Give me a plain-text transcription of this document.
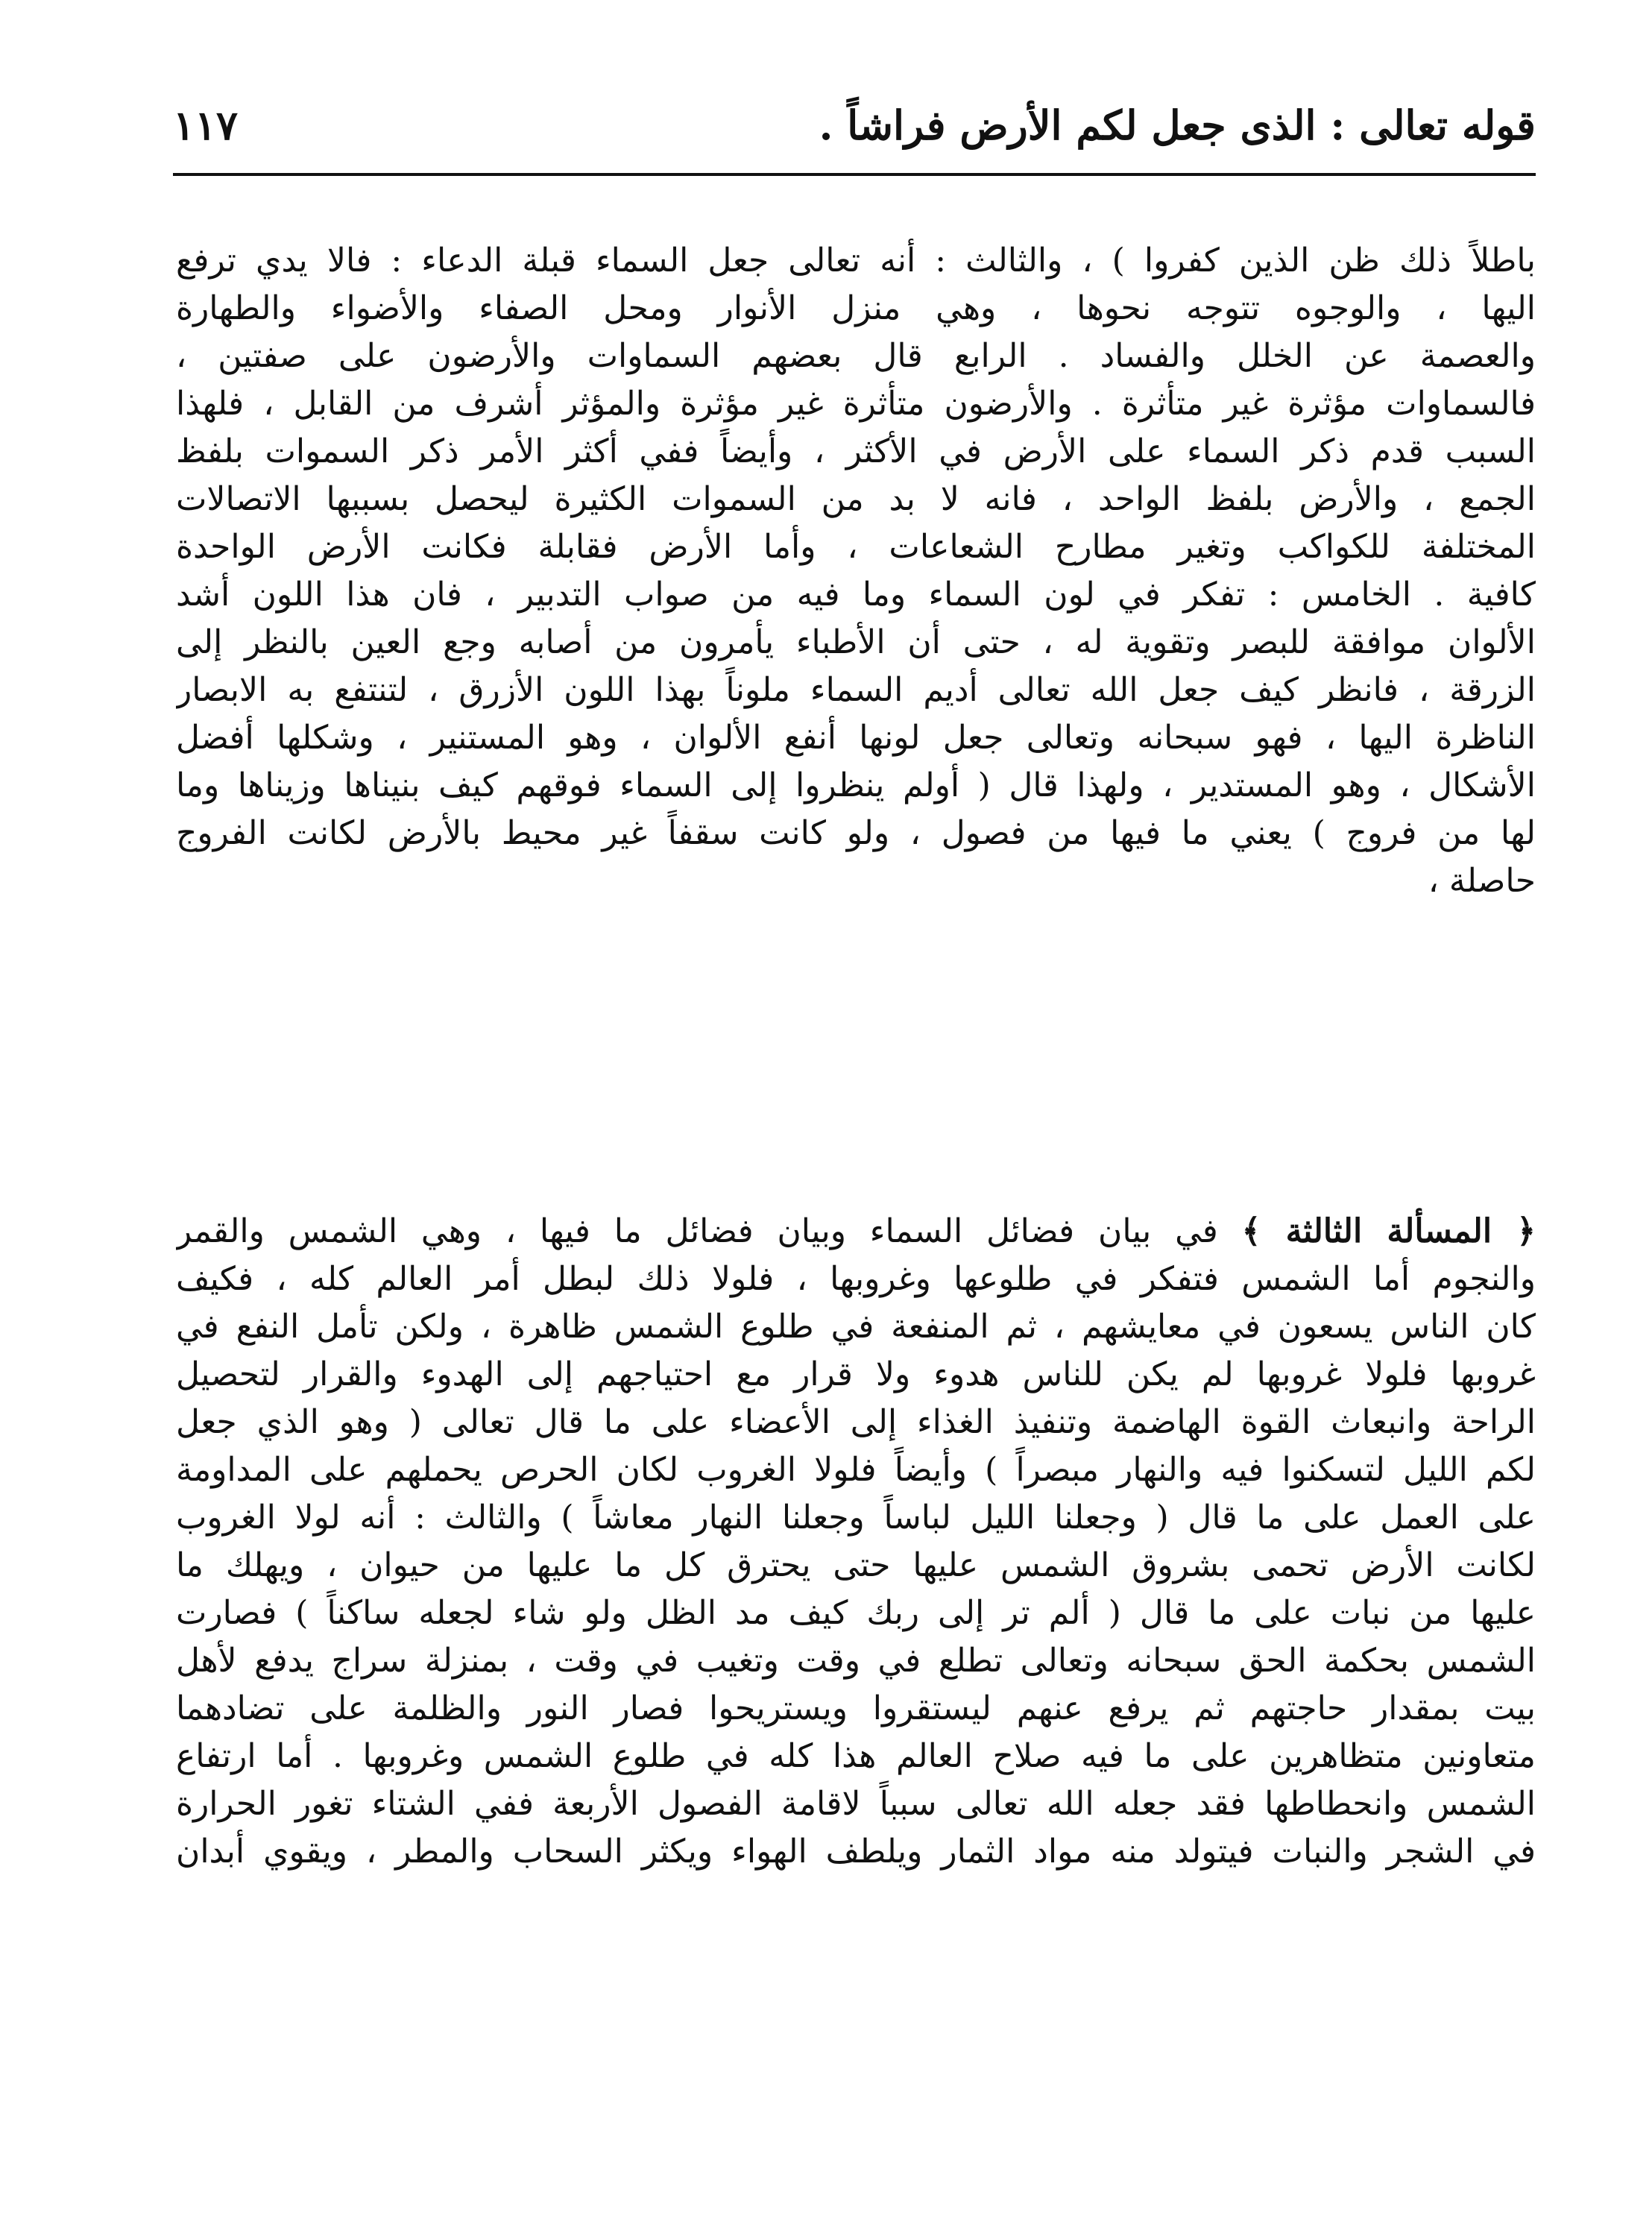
قوله تعالى : الذى جعل لكم الأرض فراشاً .
١١٧
باطلاً ذلك ظن الذين كفروا ) ، والثالث : أنه تعالى جعل السماء قبلة الدعاء : فالا يدي ترفع
اليها ، والوجوه تتوجه نحوها ، وهي منزل الأنوار ومحل الصفاء والأضواء والطهارة
والعصمة عن الخلل والفساد . الرابع قال بعضهم السماوات والأرضون على صفتين ،
فالسماوات مؤثرة غير متأثرة . والأرضون متأثرة غير مؤثرة والمؤثر أشرف من القابل ، فلهذا
السبب قدم ذكر السماء على الأرض في الأكثر ، وأيضاً ففي أكثر الأمر ذكر السموات بلفظ
الجمع ، والأرض بلفظ الواحد ، فانه لا بد من السموات الكثيرة ليحصل بسببها الاتصالات
المختلفة للكواكب وتغير مطارح الشعاعات ، وأما الأرض فقابلة فكانت الأرض الواحدة
كافية . الخامس : تفكر في لون السماء وما فيه من صواب التدبير ، فان هذا اللون أشد
الألوان موافقة للبصر وتقوية له ، حتى أن الأطباء يأمرون من أصابه وجع العين بالنظر إلى
الزرقة ، فانظر كيف جعل الله تعالى أديم السماء ملوناً بهذا اللون الأزرق ، لتنتفع به الابصار
الناظرة اليها ، فهو سبحانه وتعالى جعل لونها أنفع الألوان ، وهو المستنير ، وشكلها أفضل
الأشكال ، وهو المستدير ، ولهذا قال ( أولم ينظروا إلى السماء فوقهم كيف بنيناها وزيناها وما
لها من فروج ) يعني ما فيها من فصول ، ولو كانت سقفاً غير محيط بالأرض لكانت الفروج
حاصلة ،
﴿ المسألة الثالثة ﴾ في بيان فضائل السماء وبيان فضائل ما فيها ، وهي الشمس والقمر
والنجوم أما الشمس فتفكر في طلوعها وغروبها ، فلولا ذلك لبطل أمر العالم كله ، فكيف
كان الناس يسعون في معايشهم ، ثم المنفعة في طلوع الشمس ظاهرة ، ولكن تأمل النفع في
غروبها فلولا غروبها لم يكن للناس هدوء ولا قرار مع احتياجهم إلى الهدوء والقرار لتحصيل
الراحة وانبعاث القوة الهاضمة وتنفيذ الغذاء إلى الأعضاء على ما قال تعالى ( وهو الذي جعل
لكم الليل لتسكنوا فيه والنهار مبصراً ) وأيضاً فلولا الغروب لكان الحرص يحملهم على المداومة
على العمل على ما قال ( وجعلنا الليل لباساً وجعلنا النهار معاشاً ) والثالث : أنه لولا الغروب
لكانت الأرض تحمى بشروق الشمس عليها حتى يحترق كل ما عليها من حيوان ، ويهلك ما
عليها من نبات على ما قال ( ألم تر إلى ربك كيف مد الظل ولو شاء لجعله ساكناً ) فصارت
الشمس بحكمة الحق سبحانه وتعالى تطلع في وقت وتغيب في وقت ، بمنزلة سراج يدفع لأهل
بيت بمقدار حاجتهم ثم يرفع عنهم ليستقروا ويستريحوا فصار النور والظلمة على تضادهما
متعاونين متظاهرين على ما فيه صلاح العالم هذا كله في طلوع الشمس وغروبها . أما ارتفاع
الشمس وانحطاطها فقد جعله الله تعالى سبباً لاقامة الفصول الأربعة ففي الشتاء تغور الحرارة
في الشجر والنبات فيتولد منه مواد الثمار ويلطف الهواء ويكثر السحاب والمطر ، ويقوي أبدان
